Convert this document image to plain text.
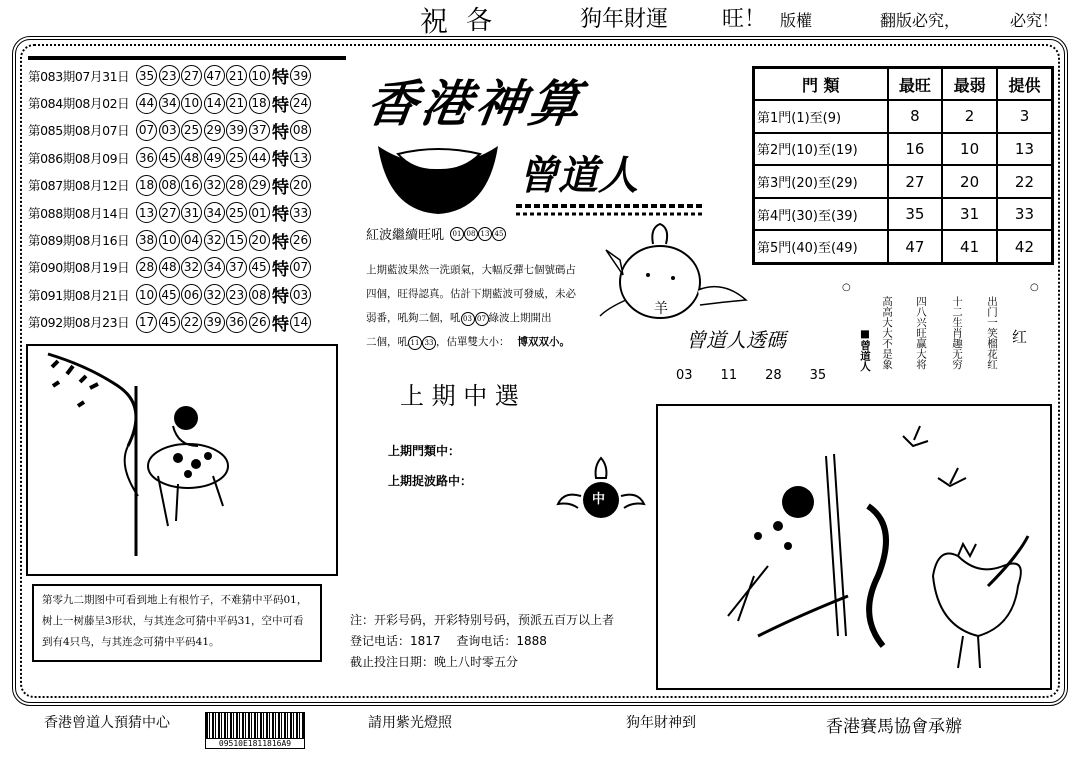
祝 各	狗年財運 旺！ 版權	翻版必究，	必究！
第083期07月31日 35 23 27 47 21 10 特 39
第084期08月02日 44 34 10 14 21 18 特 24
第085期08月07日 07 03 25 29 39 37 特 08
第086期08月09日 36 45 48 49 25 44 特 13
第087期08月12日 18 08 16 32 28 29 特 20
第088期08月14日 13 27 31 34 25 01 特 33
第089期08月16日 38 10 04 32 15 20 特 26
第090期08月19日 28 48 32 34 37 45 特 07
第091期08月21日 10 45 06 32 23 08 特 03
第092期08月23日 17 45 22 39 36 26 特 14
香港神算
曾道人
門 類	最旺	最弱	提供
第1門(1)至(9)	8	2	3
第2門(10)至(19)	16	10	13
第3門(20)至(29)	27	20	22
第4門(30)至(39)	35	31	33
第5門(40)至(49)	47	41	42
紅波繼續旺吼	01 08 13 45
上期藍波果然一洗頭氣，大幅反彈七個號碼占
四個，旺得認真。估計下期藍波可發威，未必
弱番，吼夠二個，吼 03 07 綠波上期開出
二個，吼 11 33 ，估單雙大小： 博双双小。
羊
曾道人透碼
03 11 28 35
○	○
■曾道人 高高大大不是象 四八兴旺赢大将 十二生肖趣无穷 出门一笑榴花红 红
第零九二期图中可看到地上有根竹子，不难猜中平码01，树上一树藤呈3形状，与其连念可猜中平码31，空中可看到有4只鸟，与其连念可猜中平码41。
上 期 中 選
上期門類中：
上期捉波路中：
中
注：开彩号码，开彩特别号码，预派五百万以上者
登记电话：1817　 查询电话：1888
截止投注日期：晚上八时零五分
香港曾道人預猜中心	請用紫光燈照	狗年財神到	香港賽馬協會承辦
09510E1811816A9
